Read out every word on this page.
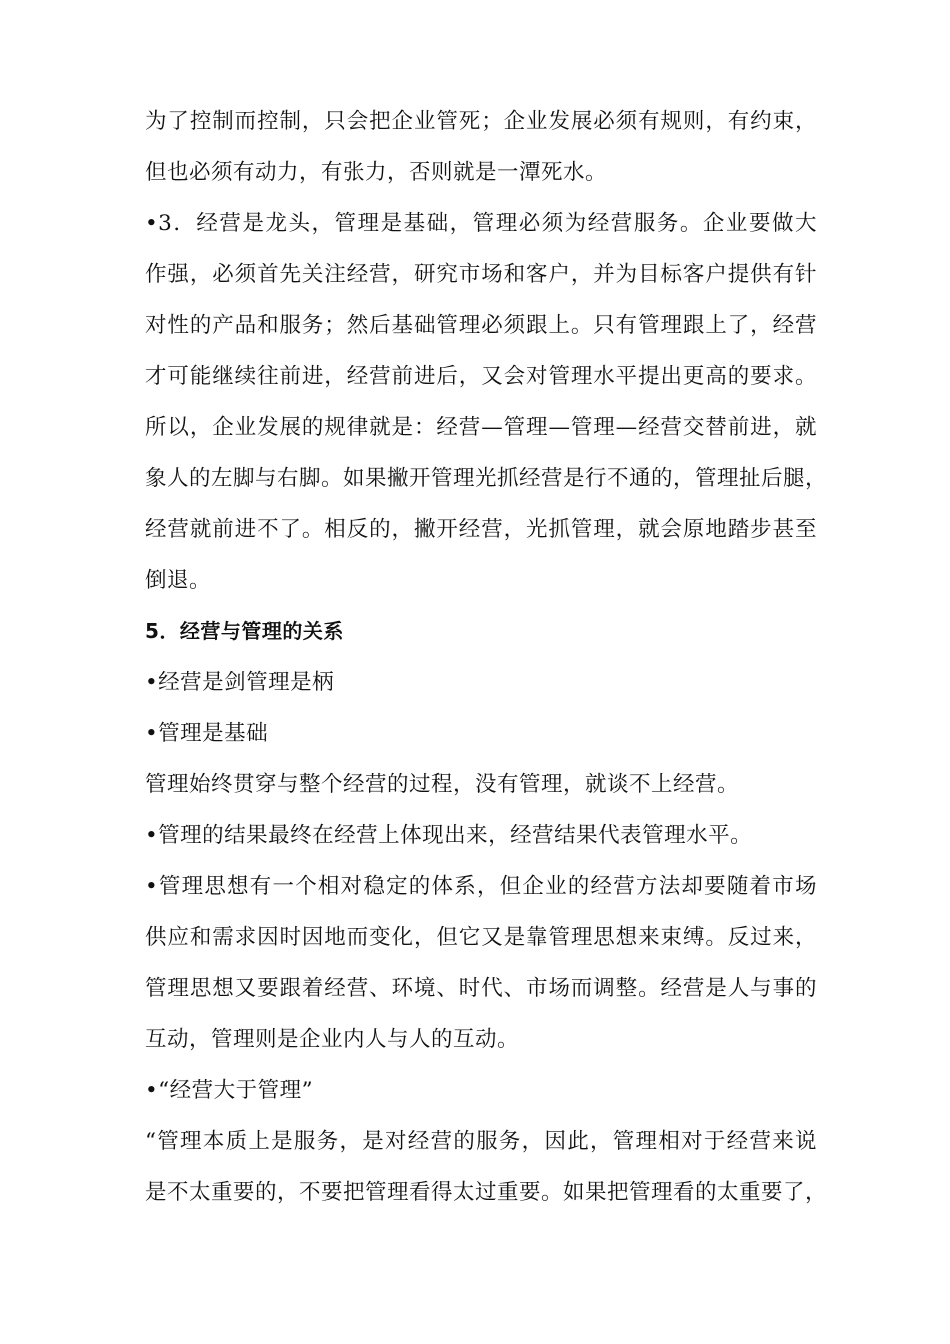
为了控制而控制，只会把企业管死；企业发展必须有规则，有约束，
但也必须有动力，有张力，否则就是一潭死水。
•3．经营是龙头，管理是基础，管理必须为经营服务。企业要做大
作强，必须首先关注经营，研究市场和客户，并为目标客户提供有针
对性的产品和服务；然后基础管理必须跟上。只有管理跟上了，经营
才可能继续往前进，经营前进后，又会对管理水平提出更高的要求。
所以，企业发展的规律就是：经营—管理—管理—经营交替前进，就
象人的左脚与右脚。如果撇开管理光抓经营是行不通的，管理扯后腿，
经营就前进不了。相反的，撇开经营，光抓管理，就会原地踏步甚至
倒退。
5．经营与管理的关系
•经营是剑管理是柄
•管理是基础
管理始终贯穿与整个经营的过程，没有管理，就谈不上经营。
•管理的结果最终在经营上体现出来，经营结果代表管理水平。
•管理思想有一个相对稳定的体系，但企业的经营方法却要随着市场
供应和需求因时因地而变化，但它又是靠管理思想来束缚。反过来，
管理思想又要跟着经营、环境、时代、市场而调整。经营是人与事的
互动，管理则是企业内人与人的互动。
•“经营大于管理”
“管理本质上是服务，是对经营的服务，因此，管理相对于经营来说
是不太重要的，不要把管理看得太过重要。如果把管理看的太重要了，
